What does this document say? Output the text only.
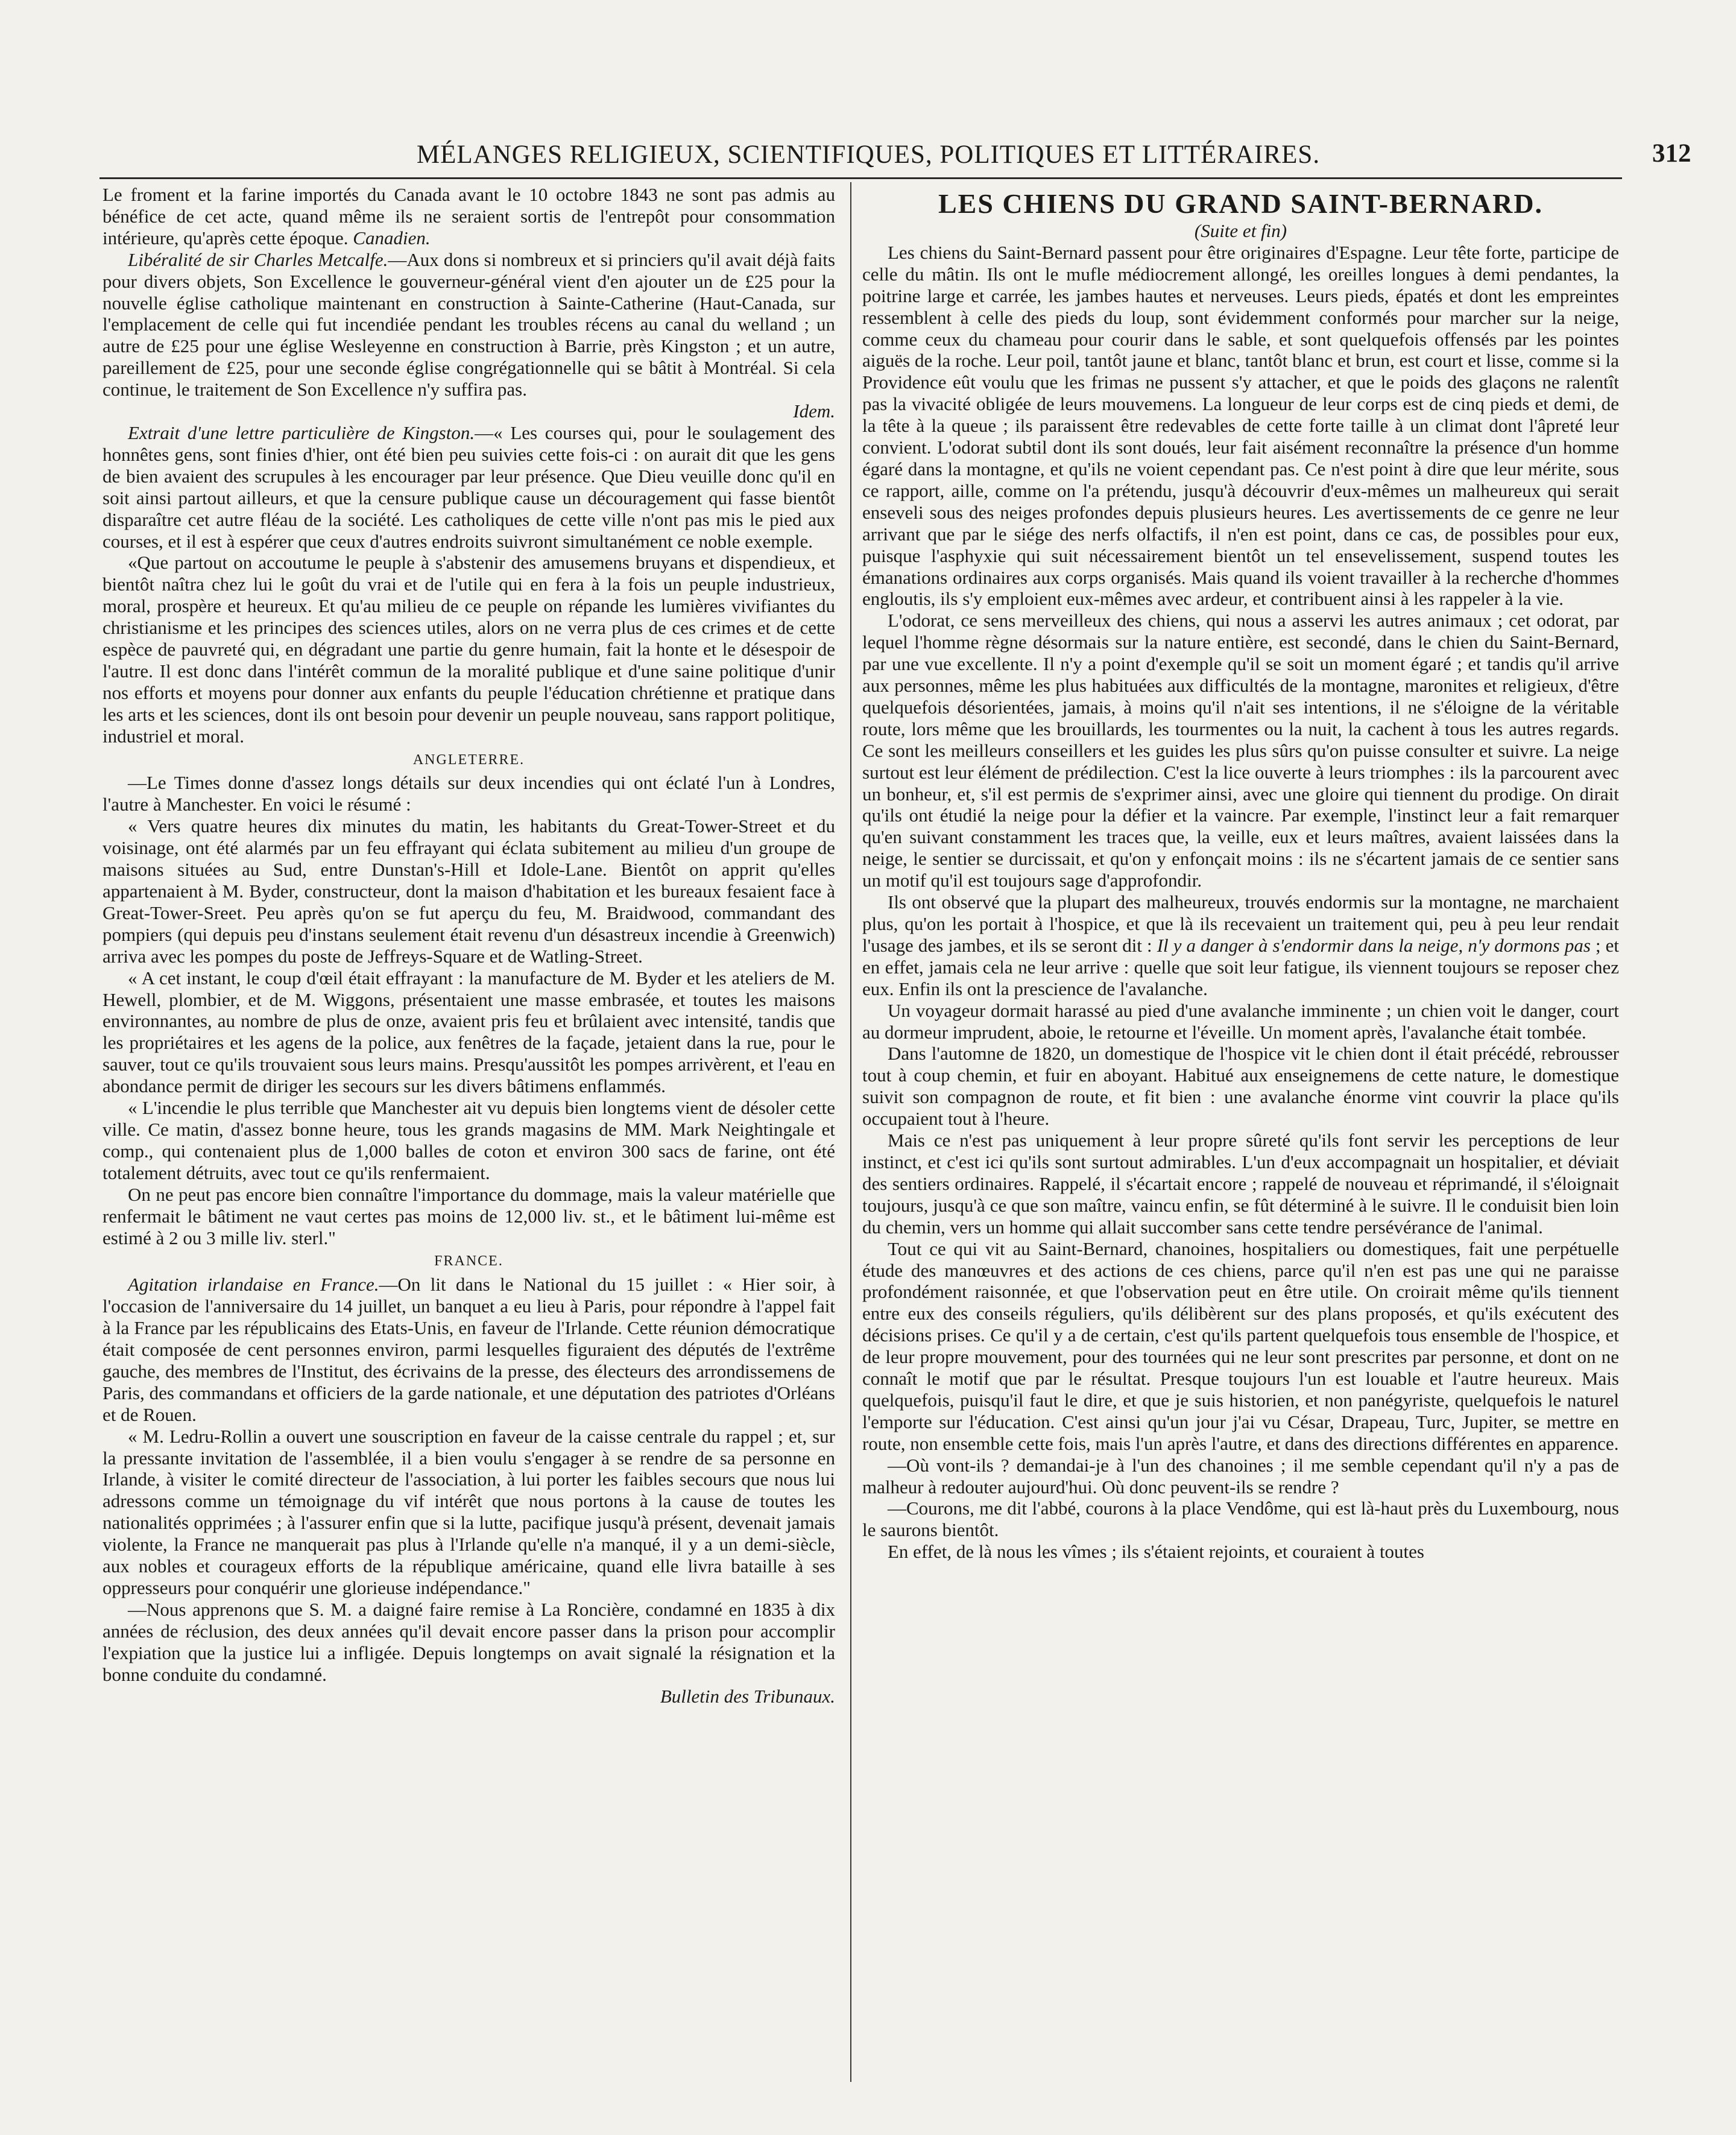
MÉLANGES RELIGIEUX, SCIENTIFIQUES, POLITIQUES ET LITTÉRAIRES.	312

Le froment et la farine importés du Canada avant le 10 octobre 1843 ne sont pas admis au bénéfice de cet acte, quand même ils ne seraient sortis de l'entrepôt pour consommation intérieure, qu'après cette époque. Canadien.

Libéralité de sir Charles Metcalfe.—Aux dons si nombreux et si princiers qu'il avait déjà faits pour divers objets, Son Excellence le gouverneur-général vient d'en ajouter un de £25 pour la nouvelle église catholique maintenant en construction à Sainte-Catherine (Haut-Canada, sur l'emplacement de celle qui fut incendiée pendant les troubles récens au canal du welland ; un autre de £25 pour une église Wesleyenne en construction à Barrie, près Kingston ; et un autre, pareillement de £25, pour une seconde église congrégationnelle qui se bâtit à Montréal. Si cela continue, le traitement de Son Excellence n'y suffira pas.

Idem.

Extrait d'une lettre particulière de Kingston.—« Les courses qui, pour le soulagement des honnêtes gens, sont finies d'hier, ont été bien peu suivies cette fois-ci : on aurait dit que les gens de bien avaient des scrupules à les encourager par leur présence. Que Dieu veuille donc qu'il en soit ainsi partout ailleurs, et que la censure publique cause un découragement qui fasse bientôt disparaître cet autre fléau de la société. Les catholiques de cette ville n'ont pas mis le pied aux courses, et il est à espérer que ceux d'autres endroits suivront simultanément ce noble exemple.

«Que partout on accoutume le peuple à s'abstenir des amusemens bruyans et dispendieux, et bientôt naîtra chez lui le goût du vrai et de l'utile qui en fera à la fois un peuple industrieux, moral, prospère et heureux. Et qu'au milieu de ce peuple on répande les lumières vivifiantes du christianisme et les principes des sciences utiles, alors on ne verra plus de ces crimes et de cette espèce de pauvreté qui, en dégradant une partie du genre humain, fait la honte et le désespoir de l'autre. Il est donc dans l'intérêt commun de la moralité publique et d'une saine politique d'unir nos efforts et moyens pour donner aux enfants du peuple l'éducation chrétienne et pratique dans les arts et les sciences, dont ils ont besoin pour devenir un peuple nouveau, sans rapport politique, industriel et moral.

ANGLETERRE.

—Le Times donne d'assez longs détails sur deux incendies qui ont éclaté l'un à Londres, l'autre à Manchester. En voici le résumé :

« Vers quatre heures dix minutes du matin, les habitants du Great-Tower-Street et du voisinage, ont été alarmés par un feu effrayant qui éclata subitement au milieu d'un groupe de maisons situées au Sud, entre Dunstan's-Hill et Idole-Lane. Bientôt on apprit qu'elles appartenaient à M. Byder, constructeur, dont la maison d'habitation et les bureaux fesaient face à Great-Tower-Sreet. Peu après qu'on se fut aperçu du feu, M. Braidwood, commandant des pompiers (qui depuis peu d'instans seulement était revenu d'un désastreux incendie à Greenwich) arriva avec les pompes du poste de Jeffreys-Square et de Watling-Street.

« A cet instant, le coup d'œil était effrayant : la manufacture de M. Byder et les ateliers de M. Hewell, plombier, et de M. Wiggons, présentaient une masse embrasée, et toutes les maisons environnantes, au nombre de plus de onze, avaient pris feu et brûlaient avec intensité, tandis que les propriétaires et les agens de la police, aux fenêtres de la façade, jetaient dans la rue, pour le sauver, tout ce qu'ils trouvaient sous leurs mains. Presqu'aussitôt les pompes arrivèrent, et l'eau en abondance permit de diriger les secours sur les divers bâtimens enflammés.

« L'incendie le plus terrible que Manchester ait vu depuis bien longtems vient de désoler cette ville. Ce matin, d'assez bonne heure, tous les grands magasins de MM. Mark Neightingale et comp., qui contenaient plus de 1,000 balles de coton et environ 300 sacs de farine, ont été totalement détruits, avec tout ce qu'ils renfermaient.

On ne peut pas encore bien connaître l'importance du dommage, mais la valeur matérielle que renfermait le bâtiment ne vaut certes pas moins de 12,000 liv. st., et le bâtiment lui-même est estimé à 2 ou 3 mille liv. sterl."

FRANCE.

Agitation irlandaise en France.—On lit dans le National du 15 juillet : « Hier soir, à l'occasion de l'anniversaire du 14 juillet, un banquet a eu lieu à Paris, pour répondre à l'appel fait à la France par les républicains des Etats-Unis, en faveur de l'Irlande. Cette réunion démocratique était composée de cent personnes environ, parmi lesquelles figuraient des députés de l'extrême gauche, des membres de l'Institut, des écrivains de la presse, des électeurs des arrondissemens de Paris, des commandans et officiers de la garde nationale, et une députation des patriotes d'Orléans et de Rouen.

« M. Ledru-Rollin a ouvert une souscription en faveur de la caisse centrale du rappel ; et, sur la pressante invitation de l'assemblée, il a bien voulu s'engager à se rendre de sa personne en Irlande, à visiter le comité directeur de l'association, à lui porter les faibles secours que nous lui adressons comme un témoignage du vif intérêt que nous portons à la cause de toutes les nationalités opprimées ; à l'assurer enfin que si la lutte, pacifique jusqu'à présent, devenait jamais violente, la France ne manquerait pas plus à l'Irlande qu'elle n'a manqué, il y a un demi-siècle, aux nobles et courageux efforts de la république américaine, quand elle livra bataille à ses oppresseurs pour conquérir une glorieuse indépendance."

—Nous apprenons que S. M. a daigné faire remise à La Roncière, condamné en 1835 à dix années de réclusion, des deux années qu'il devait encore passer dans la prison pour accomplir l'expiation que la justice lui a infligée. Depuis longtemps on avait signalé la résignation et la bonne conduite du condamné.

Bulletin des Tribunaux.

LES CHIENS DU GRAND SAINT-BERNARD.
(Suite et fin)

Les chiens du Saint-Bernard passent pour être originaires d'Espagne. Leur tête forte, participe de celle du mâtin. Ils ont le mufle médiocrement allongé, les oreilles longues à demi pendantes, la poitrine large et carrée, les jambes hautes et nerveuses. Leurs pieds, épatés et dont les empreintes ressemblent à celle des pieds du loup, sont évidemment conformés pour marcher sur la neige, comme ceux du chameau pour courir dans le sable, et sont quelquefois offensés par les pointes aiguës de la roche. Leur poil, tantôt jaune et blanc, tantôt blanc et brun, est court et lisse, comme si la Providence eût voulu que les frimas ne pussent s'y attacher, et que le poids des glaçons ne ralentît pas la vivacité obligée de leurs mouvemens. La longueur de leur corps est de cinq pieds et demi, de la tête à la queue ; ils paraissent être redevables de cette forte taille à un climat dont l'âpreté leur convient. L'odorat subtil dont ils sont doués, leur fait aisément reconnaître la présence d'un homme égaré dans la montagne, et qu'ils ne voient cependant pas. Ce n'est point à dire que leur mérite, sous ce rapport, aille, comme on l'a prétendu, jusqu'à découvrir d'eux-mêmes un malheureux qui serait enseveli sous des neiges profondes depuis plusieurs heures. Les avertissements de ce genre ne leur arrivant que par le siége des nerfs olfactifs, il n'en est point, dans ce cas, de possibles pour eux, puisque l'asphyxie qui suit nécessairement bientôt un tel ensevelissement, suspend toutes les émanations ordinaires aux corps organisés. Mais quand ils voient travailler à la recherche d'hommes engloutis, ils s'y emploient eux-mêmes avec ardeur, et contribuent ainsi à les rappeler à la vie.

L'odorat, ce sens merveilleux des chiens, qui nous a asservi les autres animaux ; cet odorat, par lequel l'homme règne désormais sur la nature entière, est secondé, dans le chien du Saint-Bernard, par une vue excellente. Il n'y a point d'exemple qu'il se soit un moment égaré ; et tandis qu'il arrive aux personnes, même les plus habituées aux difficultés de la montagne, maronites et religieux, d'être quelquefois désorientées, jamais, à moins qu'il n'ait ses intentions, il ne s'éloigne de la véritable route, lors même que les brouillards, les tourmentes ou la nuit, la cachent à tous les autres regards. Ce sont les meilleurs conseillers et les guides les plus sûrs qu'on puisse consulter et suivre. La neige surtout est leur élément de prédilection. C'est la lice ouverte à leurs triomphes : ils la parcourent avec un bonheur, et, s'il est permis de s'exprimer ainsi, avec une gloire qui tiennent du prodige. On dirait qu'ils ont étudié la neige pour la défier et la vaincre. Par exemple, l'instinct leur a fait remarquer qu'en suivant constamment les traces que, la veille, eux et leurs maîtres, avaient laissées dans la neige, le sentier se durcissait, et qu'on y enfonçait moins : ils ne s'écartent jamais de ce sentier sans un motif qu'il est toujours sage d'approfondir.

Ils ont observé que la plupart des malheureux, trouvés endormis sur la montagne, ne marchaient plus, qu'on les portait à l'hospice, et que là ils recevaient un traitement qui, peu à peu leur rendait l'usage des jambes, et ils se seront dit : Il y a danger à s'endormir dans la neige, n'y dormons pas ; et en effet, jamais cela ne leur arrive : quelle que soit leur fatigue, ils viennent toujours se reposer chez eux. Enfin ils ont la prescience de l'avalanche.

Un voyageur dormait harassé au pied d'une avalanche imminente ; un chien voit le danger, court au dormeur imprudent, aboie, le retourne et l'éveille. Un moment après, l'avalanche était tombée.

Dans l'automne de 1820, un domestique de l'hospice vit le chien dont il était précédé, rebrousser tout à coup chemin, et fuir en aboyant. Habitué aux enseignemens de cette nature, le domestique suivit son compagnon de route, et fit bien : une avalanche énorme vint couvrir la place qu'ils occupaient tout à l'heure.

Mais ce n'est pas uniquement à leur propre sûreté qu'ils font servir les perceptions de leur instinct, et c'est ici qu'ils sont surtout admirables. L'un d'eux accompagnait un hospitalier, et déviait des sentiers ordinaires. Rappelé, il s'écartait encore ; rappelé de nouveau et réprimandé, il s'éloignait toujours, jusqu'à ce que son maître, vaincu enfin, se fût déterminé à le suivre. Il le conduisit bien loin du chemin, vers un homme qui allait succomber sans cette tendre persévérance de l'animal.

Tout ce qui vit au Saint-Bernard, chanoines, hospitaliers ou domestiques, fait une perpétuelle étude des manœuvres et des actions de ces chiens, parce qu'il n'en est pas une qui ne paraisse profondément raisonnée, et que l'observation peut en être utile. On croirait même qu'ils tiennent entre eux des conseils réguliers, qu'ils délibèrent sur des plans proposés, et qu'ils exécutent des décisions prises. Ce qu'il y a de certain, c'est qu'ils partent quelquefois tous ensemble de l'hospice, et de leur propre mouvement, pour des tournées qui ne leur sont prescrites par personne, et dont on ne connaît le motif que par le résultat. Presque toujours l'un est louable et l'autre heureux. Mais quelquefois, puisqu'il faut le dire, et que je suis historien, et non panégyriste, quelquefois le naturel l'emporte sur l'éducation. C'est ainsi qu'un jour j'ai vu César, Drapeau, Turc, Jupiter, se mettre en route, non ensemble cette fois, mais l'un après l'autre, et dans des directions différentes en apparence.

—Où vont-ils ? demandai-je à l'un des chanoines ; il me semble cependant qu'il n'y a pas de malheur à redouter aujourd'hui. Où donc peuvent-ils se rendre ?

—Courons, me dit l'abbé, courons à la place Vendôme, qui est là-haut près du Luxembourg, nous le saurons bientôt.

En effet, de là nous les vîmes ; ils s'étaient rejoints, et couraient à toutes
